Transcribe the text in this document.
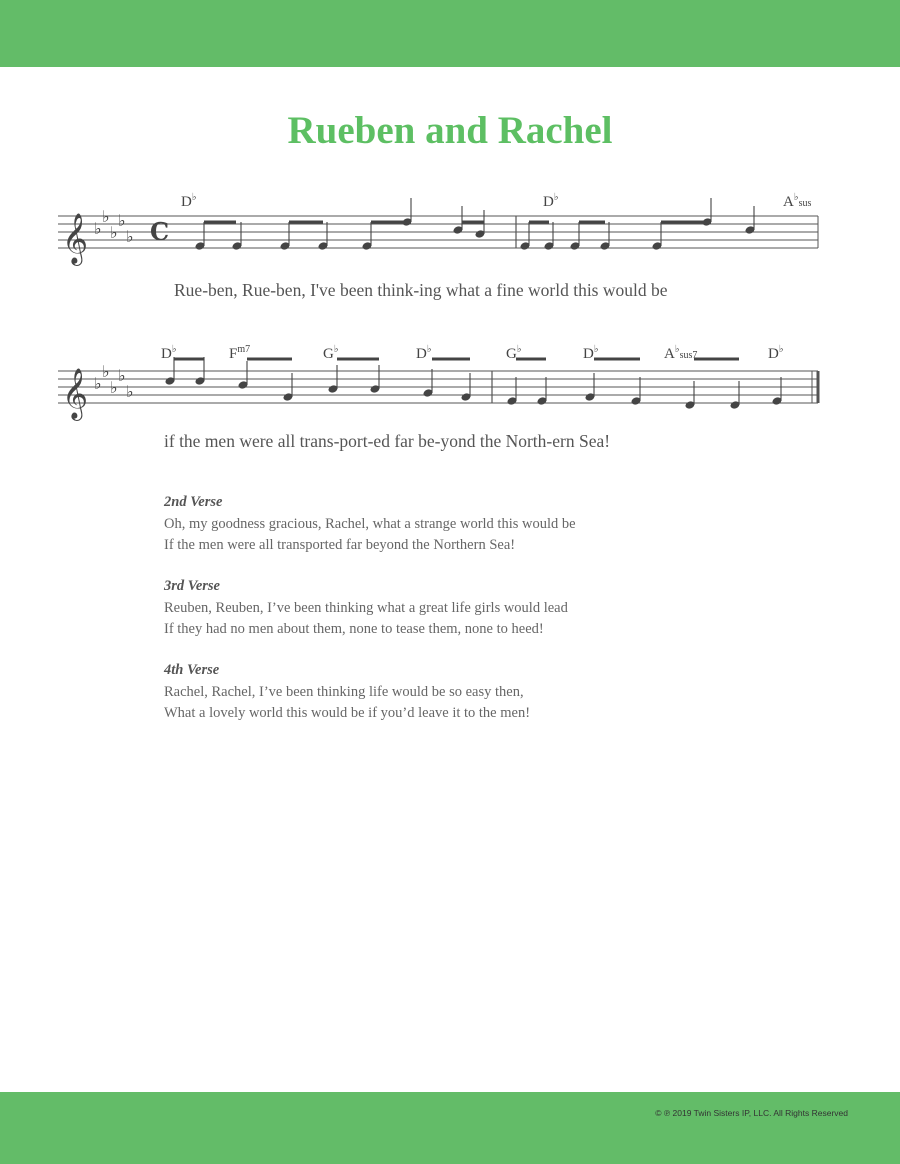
Rueben and Rachel
D♭	D♭	$A^♭_{sus}$
𝄞 ♭
♭
♭
♭
♭ C

Rue-ben, Rue-ben, I've been think-ing what a fine world this would be

D♭	$F^{m7}$	G♭	D♭	G♭	D♭	$A^♭_{sus7}$	D♭
𝄞 ♭
♭
♭
♭
♭

if the men were all trans-port-ed far be-yond the North-ern Sea!

2nd Verse

Oh, my goodness gracious, Rachel, what a strange world this would be

If the men were all transported far beyond the Northern Sea!

3rd Verse

Reuben, Reuben, I’ve been thinking what a great life girls would lead

If they had no men about them, none to tease them, none to heed!

4th Verse

Rachel, Rachel, I’ve been thinking life would be so easy then,

What a lovely world this would be if you’d leave it to the men!

© ℗ 2019 Twin Sisters IP, LLC. All Rights Reserved
